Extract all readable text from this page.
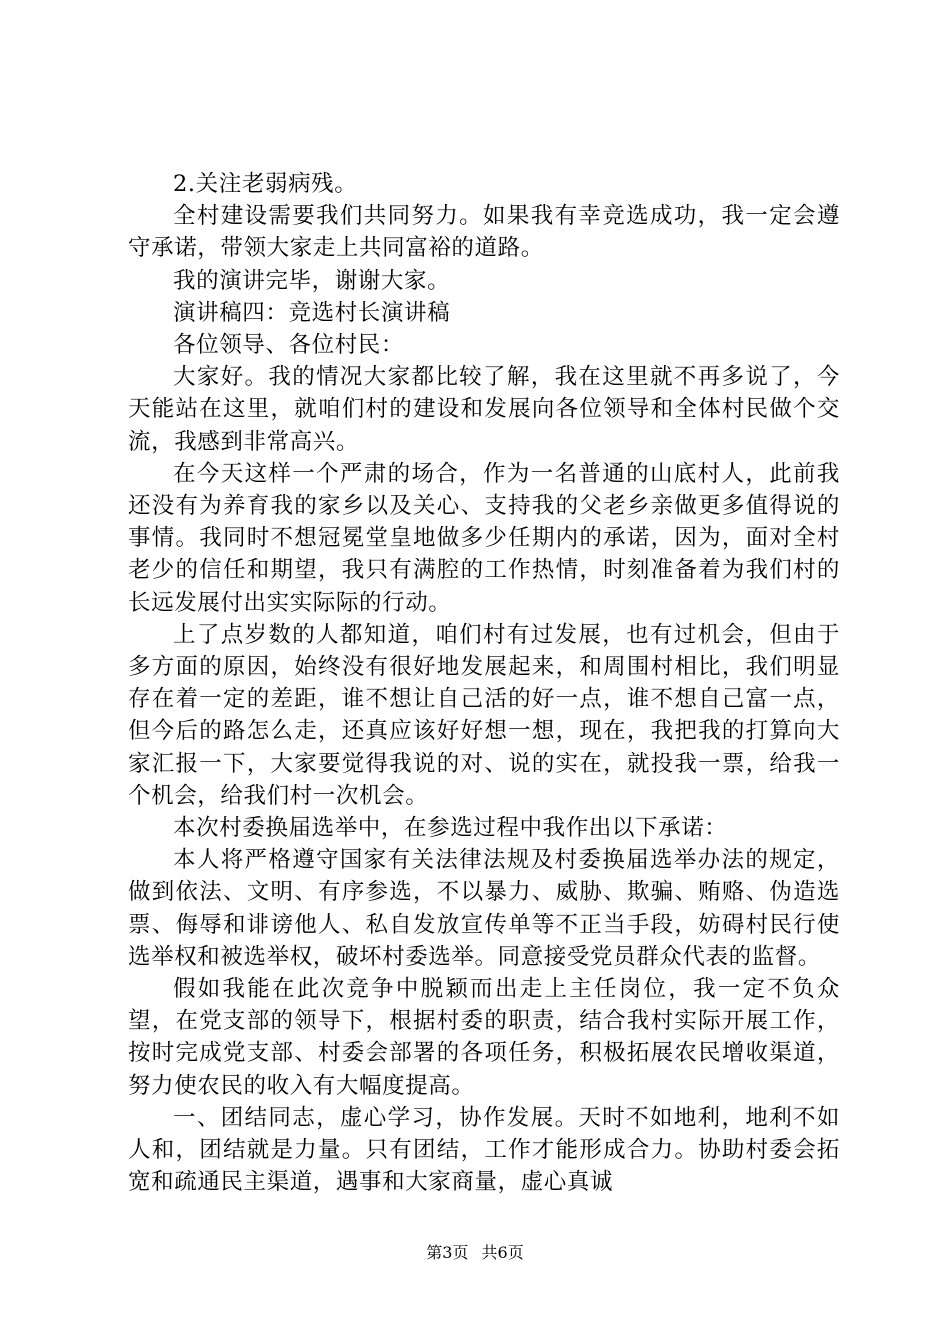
2.关注老弱病残。

全村建设需要我们共同努力。如果我有幸竞选成功，我一定会遵守承诺，带领大家走上共同富裕的道路。

我的演讲完毕，谢谢大家。

演讲稿四：竞选村长演讲稿

各位领导、各位村民：

大家好。我的情况大家都比较了解，我在这里就不再多说了，今天能站在这里，就咱们村的建设和发展向各位领导和全体村民做个交流，我感到非常高兴。

在今天这样一个严肃的场合，作为一名普通的山底村人，此前我还没有为养育我的家乡以及关心、支持我的父老乡亲做更多值得说的事情。我同时不想冠冕堂皇地做多少任期内的承诺，因为，面对全村老少的信任和期望，我只有满腔的工作热情，时刻准备着为我们村的长远发展付出实实际际的行动。

上了点岁数的人都知道，咱们村有过发展，也有过机会，但由于多方面的原因，始终没有很好地发展起来，和周围村相比，我们明显存在着一定的差距，谁不想让自己活的好一点，谁不想自己富一点，但今后的路怎么走，还真应该好好想一想，现在，我把我的打算向大家汇报一下，大家要觉得我说的对、说的实在，就投我一票，给我一个机会，给我们村一次机会。

本次村委换届选举中，在参选过程中我作出以下承诺：

本人将严格遵守国家有关法律法规及村委换届选举办法的规定，做到依法、文明、有序参选，不以暴力、威胁、欺骗、贿赂、伪造选票、侮辱和诽谤他人、私自发放宣传单等不正当手段，妨碍村民行使选举权和被选举权，破坏村委选举。同意接受党员群众代表的监督。

假如我能在此次竞争中脱颖而出走上主任岗位，我一定不负众望，在党支部的领导下，根据村委的职责，结合我村实际开展工作，按时完成党支部、村委会部署的各项任务，积极拓展农民增收渠道，努力使农民的收入有大幅度提高。

一、团结同志，虚心学习，协作发展。天时不如地利，地利不如人和，团结就是力量。只有团结，工作才能形成合力。协助村委会拓宽和疏通民主渠道，遇事和大家商量，虚心真诚

第3页 共6页
